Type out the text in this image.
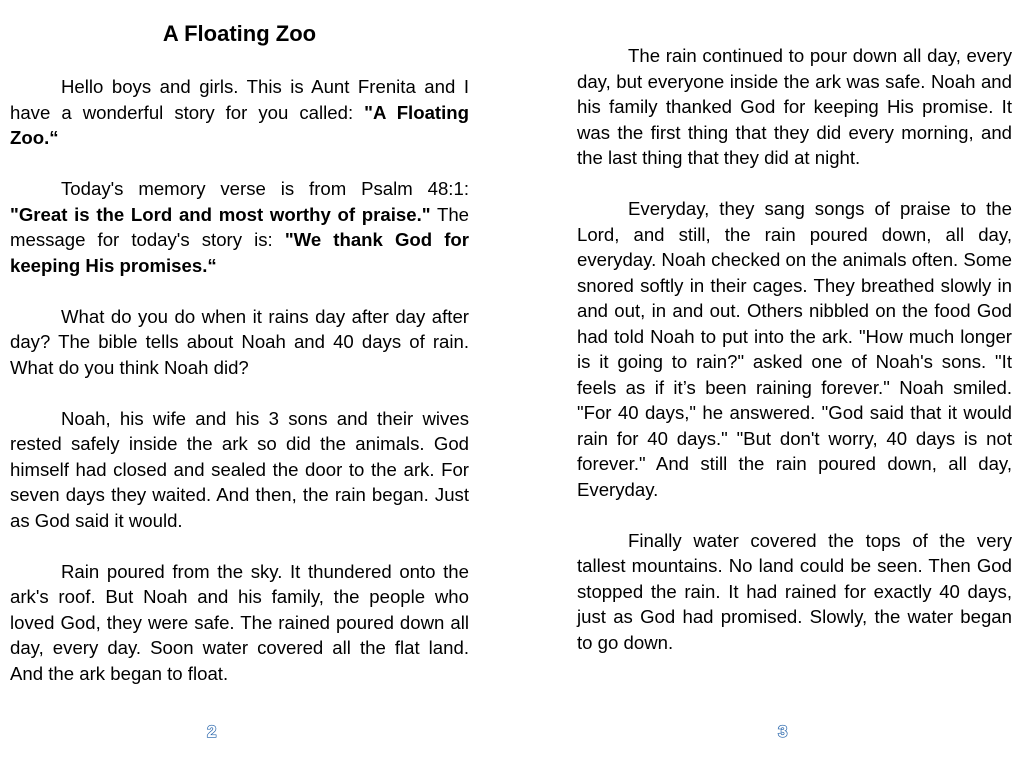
A Floating Zoo

Hello boys and girls. This is Aunt Frenita and I have a wonderful story for you called: "A Floating Zoo.“

Today's memory verse is from Psalm 48:1: "Great is the Lord and most worthy of praise." The message for today's story is: "We thank God for keeping His promises.“

What do you do when it rains day after day after day? The bible tells about Noah and 40 days of rain. What do you think Noah did?

Noah, his wife and his 3 sons and their wives rested safely inside the ark so did the animals. God himself had closed and sealed the door to the ark. For seven days they waited. And then, the rain began. Just as God said it would.

Rain poured from the sky. It thundered onto the ark's roof. But Noah and his family, the people who loved God, they were safe. The rained poured down all day, every day. Soon water covered all the flat land. And the ark began to float.

2

The rain continued to pour down all day, every day, but everyone inside the ark was safe. Noah and his family thanked God for keeping His promise. It was the first thing that they did every morning, and the last thing that they did at night.

Everyday, they sang songs of praise to the Lord, and still, the rain poured down, all day, everyday. Noah checked on the animals often. Some snored softly in their cages. They breathed slowly in and out, in and out. Others nibbled on the food God had told Noah to put into the ark. "How much longer is it going to rain?" asked one of Noah's sons. "It feels as if it’s been raining forever." Noah smiled. "For 40 days," he answered. "God said that it would rain for 40 days." "But don't worry, 40 days is not forever." And still the rain poured down, all day, Everyday.

Finally water covered the tops of the very tallest mountains. No land could be seen. Then God stopped the rain. It had rained for exactly 40 days, just as God had promised. Slowly, the water began to go down.

3
